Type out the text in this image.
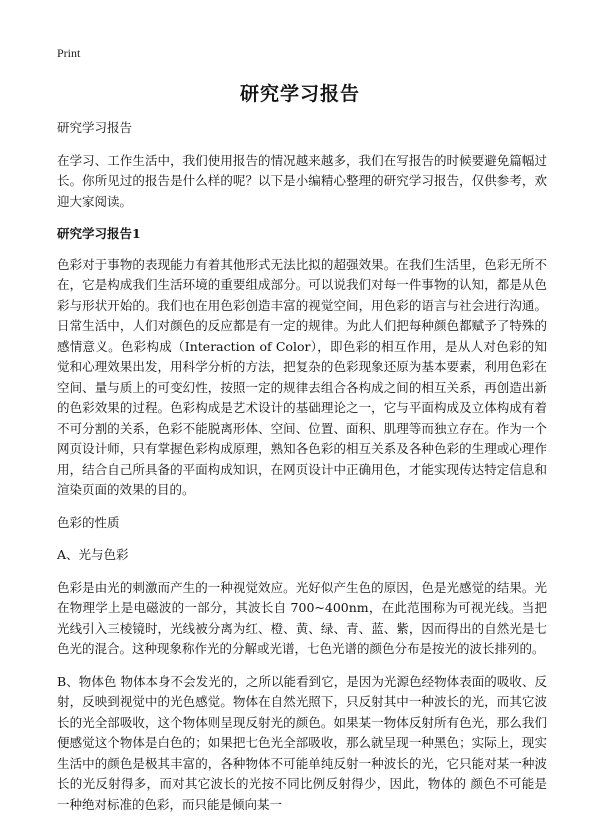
Print
研究学习报告

研究学习报告

在学习、工作生活中，我们使用报告的情况越来越多，我们在写报告的时候要避免篇幅过长。你所见过的报告是什么样的呢？以下是小编精心整理的研究学习报告，仅供参考，欢迎大家阅读。

研究学习报告1

色彩对于事物的表现能力有着其他形式无法比拟的超强效果。在我们生活里，色彩无所不在，它是构成我们生活环境的重要组成部分。可以说我们对每一件事物的认知，都是从色彩与形状开始的。我们也在用色彩创造丰富的视觉空间，用色彩的语言与社会进行沟通。日常生活中，人们对颜色的反应都是有一定的规律。为此人们把每种颜色都赋予了特殊的感情意义。色彩构成（Interaction of Color），即色彩的相互作用，是从人对色彩的知觉和心理效果出发，用科学分析的方法，把复杂的色彩现象还原为基本要素，利用色彩在空间、量与质上的可变幻性，按照一定的规律去组合各构成之间的相互关系，再创造出新的色彩效果的过程。色彩构成是艺术设计的基础理论之一，它与平面构成及立体构成有着不可分割的关系，色彩不能脱离形体、空间、位置、面积、肌理等而独立存在。作为一个网页设计师，只有掌握色彩构成原理，熟知各色彩的相互关系及各种色彩的生理或心理作用，结合自己所具备的平面构成知识，在网页设计中正确用色，才能实现传达特定信息和渲染页面的效果的目的。

色彩的性质

A、光与色彩

色彩是由光的刺激而产生的一种视觉效应。光好似产生色的原因，色是光感觉的结果。光在物理学上是电磁波的一部分，其波长自 700~400nm，在此范围称为可视光线。当把光线引入三棱镜时，光线被分离为红、橙、黄、绿、青、蓝、紫，因而得出的自然光是七色光的混合。这种现象称作光的分解或光谱，七色光谱的颜色分布是按光的波长排列的。

B、物体色 物体本身不会发光的，之所以能看到它，是因为光源色经物体表面的吸收、反射，反映到视觉中的光色感觉。物体在自然光照下，只反射其中一种波长的光，而其它波长的光全部吸收，这个物体则呈现反射光的颜色。如果某一物体反射所有色光，那么我们便感觉这个物体是白色的；如果把七色光全部吸收，那么就呈现一种黑色；实际上，现实生活中的颜色是极其丰富的，各种物体不可能单纯反射一种波长的光，它只能对某一种波长的光反射得多，而对其它波长的光按不同比例反射得少，因此，物体的 颜色不可能是一种绝对标准的色彩，而只能是倾向某一
